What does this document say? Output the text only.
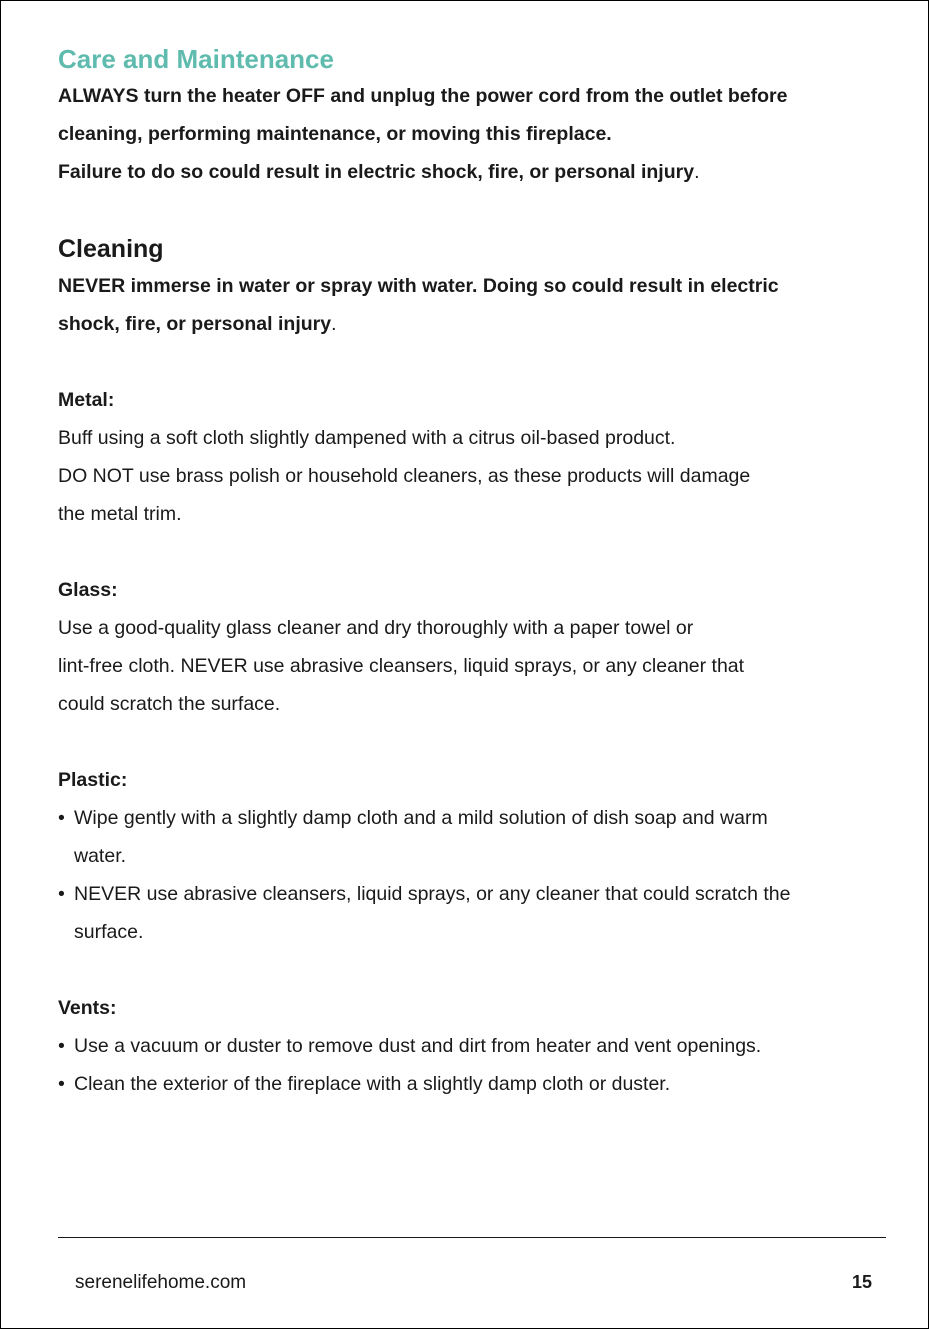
Care and Maintenance

ALWAYS turn the heater OFF and unplug the power cord from the outlet before

cleaning, performing maintenance, or moving this fireplace.

Failure to do so could result in electric shock, fire, or personal injury.

Cleaning

NEVER immerse in water or spray with water. Doing so could result in electric

shock, fire, or personal injury.

Metal:

Buff using a soft cloth slightly dampened with a citrus oil-based product.

DO NOT use brass polish or household cleaners, as these products will damage

the metal trim.

Glass:

Use a good-quality glass cleaner and dry thoroughly with a paper towel or

lint-free cloth. NEVER use abrasive cleansers, liquid sprays, or any cleaner that

could scratch the surface.

Plastic:

• Wipe gently with a slightly damp cloth and a mild solution of dish soap and warm water.
• NEVER use abrasive cleansers, liquid sprays, or any cleaner that could scratch the surface.

Vents:

• Use a vacuum or duster to remove dust and dirt from heater and vent openings.
• Clean the exterior of the fireplace with a slightly damp cloth or duster.
serenelifehome.com	15
